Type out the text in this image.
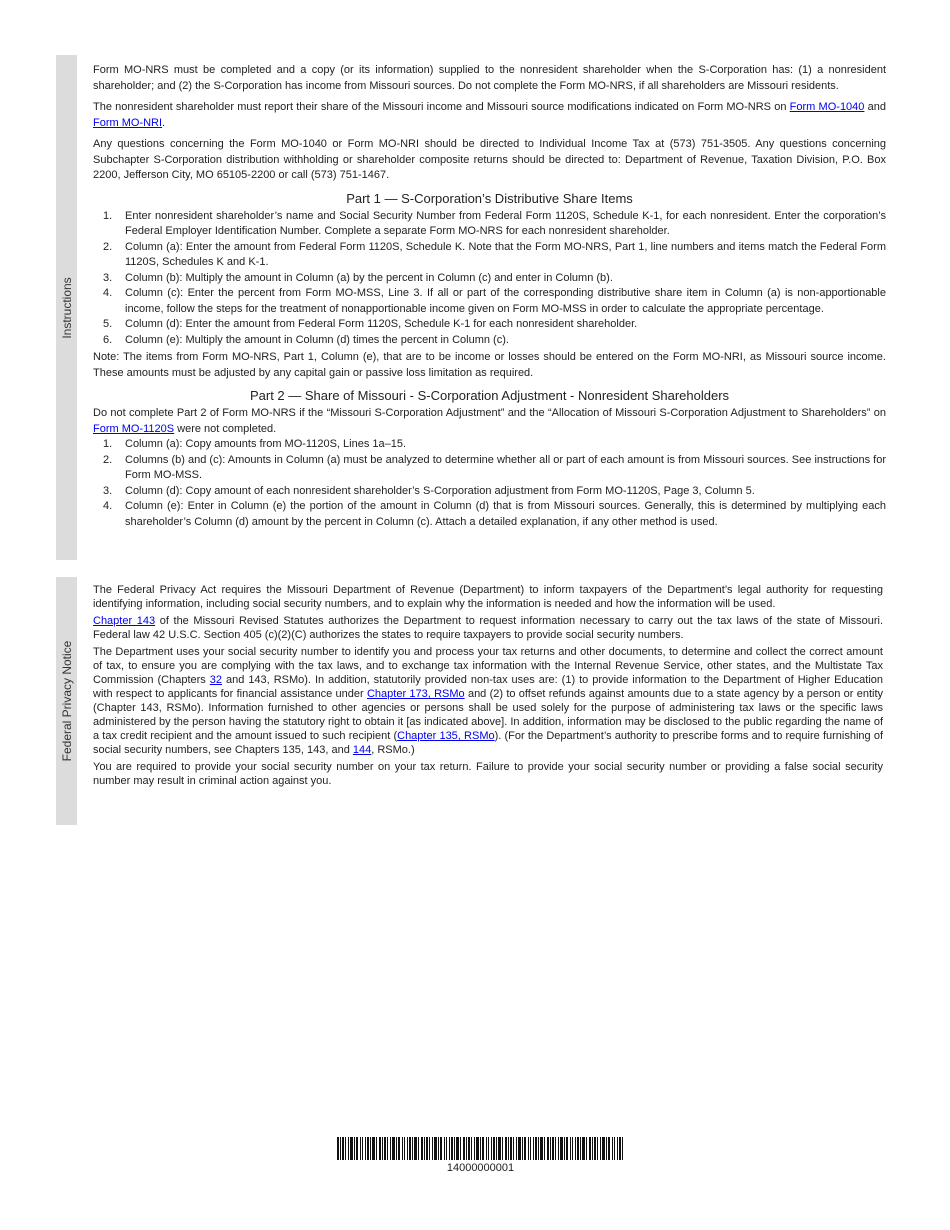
Instructions
Federal Privacy Notice

Form MO-NRS must be completed and a copy (or its information) supplied to the nonresident shareholder when the S-Corporation has: (1) a nonresident shareholder; and (2) the S-Corporation has income from Missouri sources. Do not complete the Form MO-NRS, if all shareholders are Missouri residents.

The nonresident shareholder must report their share of the Missouri income and Missouri source modifications indicated on Form MO-NRS on Form MO-1040 and Form MO-NRI.

Any questions concerning the Form MO-1040 or Form MO-NRI should be directed to Individual Income Tax at (573) 751-3505. Any questions concerning Subchapter S-Corporation distribution withholding or shareholder composite returns should be directed to: Department of Revenue, Taxation Division, P.O. Box 2200, Jefferson City, MO 65105-2200 or call (573) 751-1467.

Part 1 — S-Corporation’s Distributive Share Items
1. Enter nonresident shareholder’s name and Social Security Number from Federal Form 1120S, Schedule K-1, for each nonresident. Enter the corporation’s Federal Employer Identification Number. Complete a separate Form MO-NRS for each nonresident shareholder.
2. Column (a): Enter the amount from Federal Form 1120S, Schedule K. Note that the Form MO-NRS, Part 1, line numbers and items match the Federal Form 1120S, Schedules K and K-1.
3. Column (b): Multiply the amount in Column (a) by the percent in Column (c) and enter in Column (b).
4. Column (c): Enter the percent from Form MO-MSS, Line 3. If all or part of the corresponding distributive share item in Column (a) is non-apportionable income, follow the steps for the treatment of nonapportionable income given on Form MO-MSS in order to calculate the appropriate percentage.
5. Column (d): Enter the amount from Federal Form 1120S, Schedule K-1 for each nonresident shareholder.
6. Column (e): Multiply the amount in Column (d) times the percent in Column (c).

Note: The items from Form MO-NRS, Part 1, Column (e), that are to be income or losses should be entered on the Form MO-NRI, as Missouri source income. These amounts must be adjusted by any capital gain or passive loss limitation as required.

Part 2 — Share of Missouri - S-Corporation Adjustment - Nonresident Shareholders

Do not complete Part 2 of Form MO-NRS if the “Missouri S-Corporation Adjustment” and the “Allocation of Missouri S-Corporation Adjustment to Shareholders” on Form MO-1120S were not completed.

1. Column (a): Copy amounts from MO-1120S, Lines 1a–15.
2. Columns (b) and (c): Amounts in Column (a) must be analyzed to determine whether all or part of each amount is from Missouri sources. See instructions for Form MO-MSS.
3. Column (d): Copy amount of each nonresident shareholder’s S-Corporation adjustment from Form MO-1120S, Page 3, Column 5.
4. Column (e): Enter in Column (e) the portion of the amount in Column (d) that is from Missouri sources. Generally, this is determined by multiplying each shareholder’s Column (d) amount by the percent in Column (c). Attach a detailed explanation, if any other method is used.

The Federal Privacy Act requires the Missouri Department of Revenue (Department) to inform taxpayers of the Department’s legal authority for requesting identifying information, including social security numbers, and to explain why the information is needed and how the information will be used.

Chapter 143 of the Missouri Revised Statutes authorizes the Department to request information necessary to carry out the tax laws of the state of Missouri. Federal law 42 U.S.C. Section 405 (c)(2)(C) authorizes the states to require taxpayers to provide social security numbers.

The Department uses your social security number to identify you and process your tax returns and other documents, to determine and collect the correct amount of tax, to ensure you are complying with the tax laws, and to exchange tax information with the Internal Revenue Service, other states, and the Multistate Tax Commission (Chapters 32 and 143, RSMo). In addition, statutorily provided non-tax uses are: (1) to provide information to the Department of Higher Education with respect to applicants for financial assistance under Chapter 173, RSMo and (2) to offset refunds against amounts due to a state agency by a person or entity (Chapter 143, RSMo). Information furnished to other agencies or persons shall be used solely for the purpose of administering tax laws or the specific laws administered by the person having the statutory right to obtain it [as indicated above]. In addition, information may be disclosed to the public regarding the name of a tax credit recipient and the amount issued to such recipient (Chapter 135, RSMo). (For the Department’s authority to prescribe forms and to require furnishing of social security numbers, see Chapters 135, 143, and 144, RSMo.)

You are required to provide your social security number on your tax return. Failure to provide your social security number or providing a false social security number may result in criminal action against you.

14000000001
